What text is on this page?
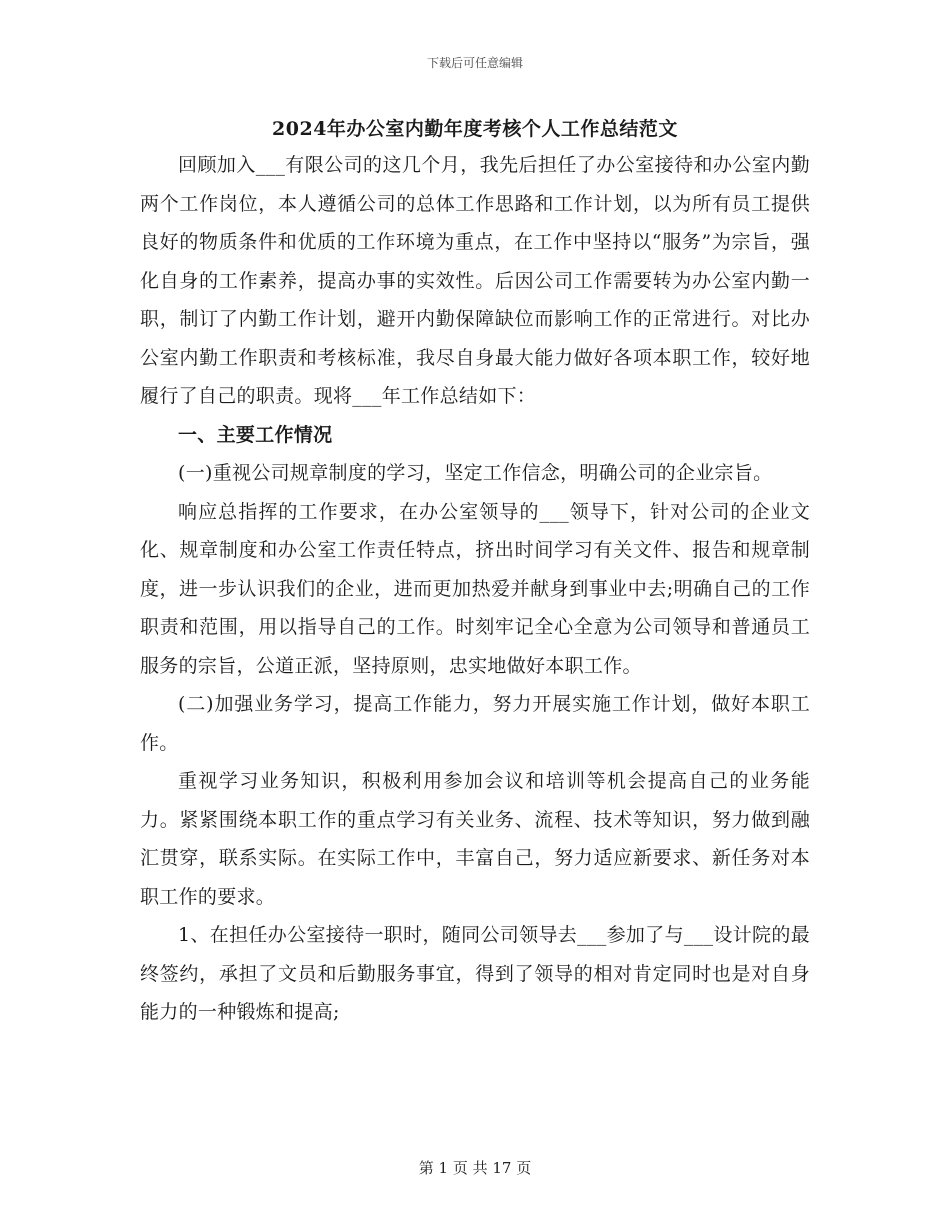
下载后可任意编辑
2024年办公室内勤年度考核个人工作总结范文

回顾加入___有限公司的这几个月，我先后担任了办公室接待和办公室内勤两个工作岗位，本人遵循公司的总体工作思路和工作计划，以为所有员工提供良好的物质条件和优质的工作环境为重点，在工作中坚持以“服务”为宗旨，强化自身的工作素养，提高办事的实效性。后因公司工作需要转为办公室内勤一职，制订了内勤工作计划，避开内勤保障缺位而影响工作的正常进行。对比办公室内勤工作职责和考核标准，我尽自身最大能力做好各项本职工作，较好地履行了自己的职责。现将___年工作总结如下：

一、主要工作情况

(一)重视公司规章制度的学习，坚定工作信念，明确公司的企业宗旨。

响应总指挥的工作要求，在办公室领导的___领导下，针对公司的企业文化、规章制度和办公室工作责任特点，挤出时间学习有关文件、报告和规章制度，进一步认识我们的企业，进而更加热爱并献身到事业中去;明确自己的工作职责和范围，用以指导自己的工作。时刻牢记全心全意为公司领导和普通员工服务的宗旨，公道正派，坚持原则，忠实地做好本职工作。

(二)加强业务学习，提高工作能力，努力开展实施工作计划，做好本职工作。

重视学习业务知识，积极利用参加会议和培训等机会提高自己的业务能力。紧紧围绕本职工作的重点学习有关业务、流程、技术等知识，努力做到融汇贯穿，联系实际。在实际工作中，丰富自己，努力适应新要求、新任务对本职工作的要求。

1、在担任办公室接待一职时，随同公司领导去___参加了与___设计院的最终签约，承担了文员和后勤服务事宜，得到了领导的相对肯定同时也是对自身能力的一种锻炼和提高;

第 1 页 共 17 页
